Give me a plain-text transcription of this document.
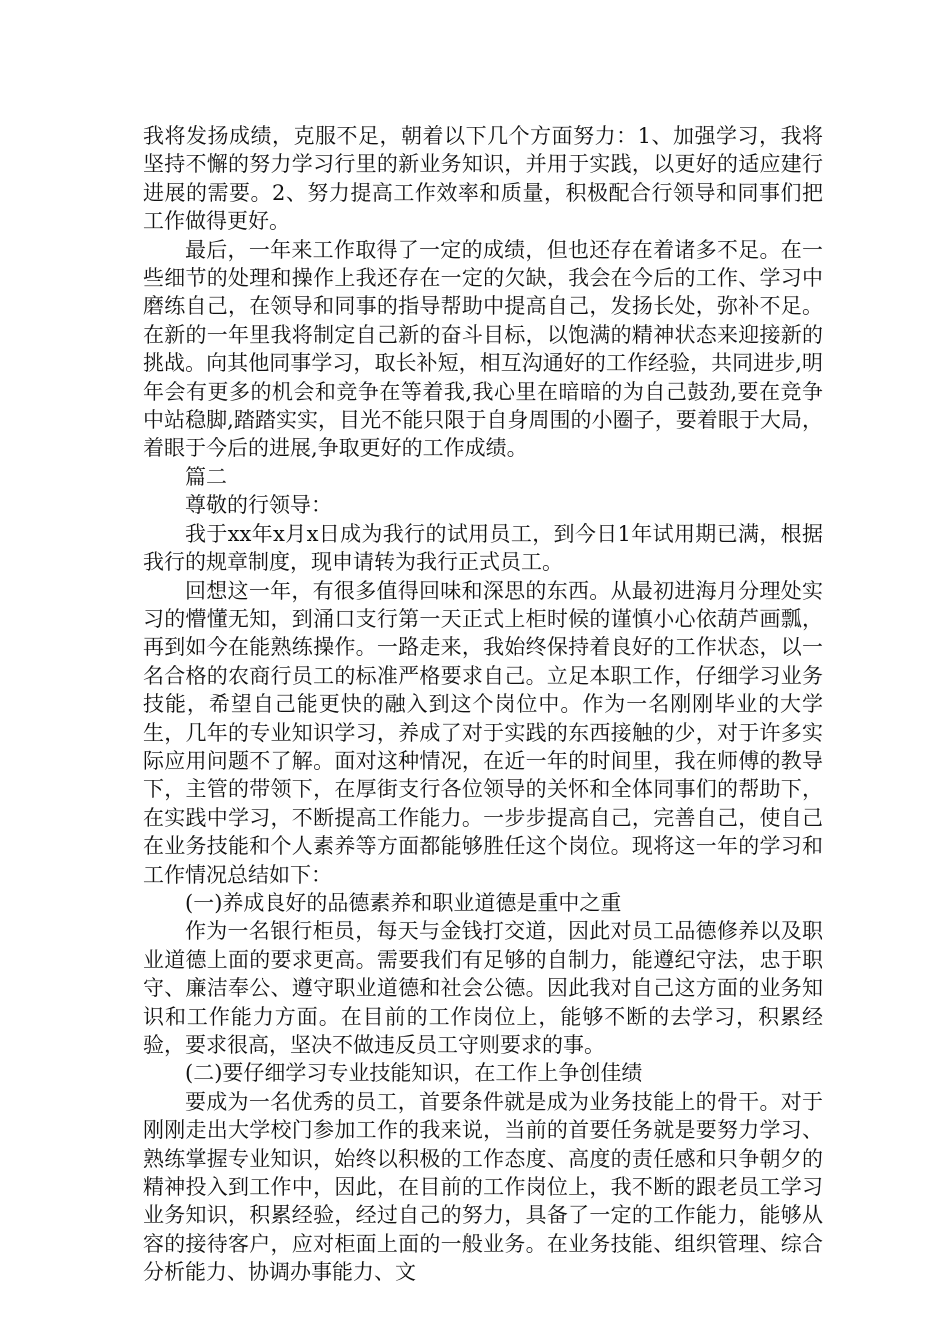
我将发扬成绩，克服不足，朝着以下几个方面努力：1、加强学习，我将坚持不懈的努力学习行里的新业务知识，并用于实践，以更好的适应建行进展的需要。2、努力提高工作效率和质量，积极配合行领导和同事们把工作做得更好。

最后，一年来工作取得了一定的成绩，但也还存在着诸多不足。在一些细节的处理和操作上我还存在一定的欠缺，我会在今后的工作、学习中磨练自己，在领导和同事的指导帮助中提高自己，发扬长处，弥补不足。在新的一年里我将制定自己新的奋斗目标，以饱满的精神状态来迎接新的挑战。向其他同事学习，取长补短，相互沟通好的工作经验，共同进步,明年会有更多的机会和竞争在等着我,我心里在暗暗的为自己鼓劲,要在竞争中站稳脚,踏踏实实，目光不能只限于自身周围的小圈子，要着眼于大局，着眼于今后的进展,争取更好的工作成绩。

篇二

尊敬的行领导：

我于xx年x月x日成为我行的试用员工，到今日1年试用期已满，根据我行的规章制度，现申请转为我行正式员工。

回想这一年，有很多值得回味和深思的东西。从最初进海月分理处实习的懵懂无知，到涌口支行第一天正式上柜时候的谨慎小心依葫芦画瓢，再到如今在能熟练操作。一路走来，我始终保持着良好的工作状态，以一名合格的农商行员工的标准严格要求自己。立足本职工作，仔细学习业务技能，希望自己能更快的融入到这个岗位中。作为一名刚刚毕业的大学生，几年的专业知识学习，养成了对于实践的东西接触的少，对于许多实际应用问题不了解。面对这种情况，在近一年的时间里，我在师傅的教导下，主管的带领下，在厚街支行各位领导的关怀和全体同事们的帮助下，在实践中学习，不断提高工作能力。一步步提高自己，完善自己，使自己在业务技能和个人素养等方面都能够胜任这个岗位。现将这一年的学习和工作情况总结如下：

(一)养成良好的品德素养和职业道德是重中之重

作为一名银行柜员，每天与金钱打交道，因此对员工品德修养以及职业道德上面的要求更高。需要我们有足够的自制力，能遵纪守法，忠于职守、廉洁奉公、遵守职业道德和社会公德。因此我对自己这方面的业务知识和工作能力方面。在目前的工作岗位上，能够不断的去学习，积累经验，要求很高，坚决不做违反员工守则要求的事。

(二)要仔细学习专业技能知识，在工作上争创佳绩

要成为一名优秀的员工，首要条件就是成为业务技能上的骨干。对于刚刚走出大学校门参加工作的我来说，当前的首要任务就是要努力学习、熟练掌握专业知识，始终以积极的工作态度、高度的责任感和只争朝夕的精神投入到工作中，因此，在目前的工作岗位上，我不断的跟老员工学习业务知识，积累经验，经过自己的努力，具备了一定的工作能力，能够从容的接待客户，应对柜面上面的一般业务。在业务技能、组织管理、综合分析能力、协调办事能力、文
